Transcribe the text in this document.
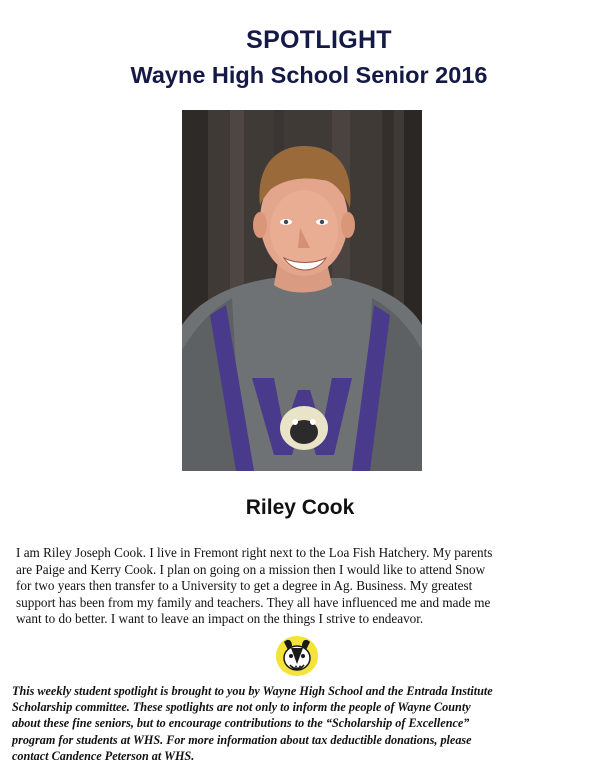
SPOTLIGHT
Wayne High School Senior 2016
Riley Cook

I am Riley Joseph Cook. I live in Fremont right next to the Loa Fish Hatchery. My parents

are Paige and Kerry Cook. I plan on going on a mission then I would like to attend Snow

for two years then transfer to a University to get a degree in Ag. Business. My greatest

support has been from my family and teachers. They all have influenced me and made me

want to do better. I want to leave an impact on the things I strive to endeavor.

This weekly student spotlight is brought to you by Wayne High School and the Entrada Institute

Scholarship committee. These spotlights are not only to inform the people of Wayne County

about these fine seniors, but to encourage contributions to the “Scholarship of Excellence”

program for students at WHS. For more information about tax deductible donations, please

contact Candence Peterson at WHS.
